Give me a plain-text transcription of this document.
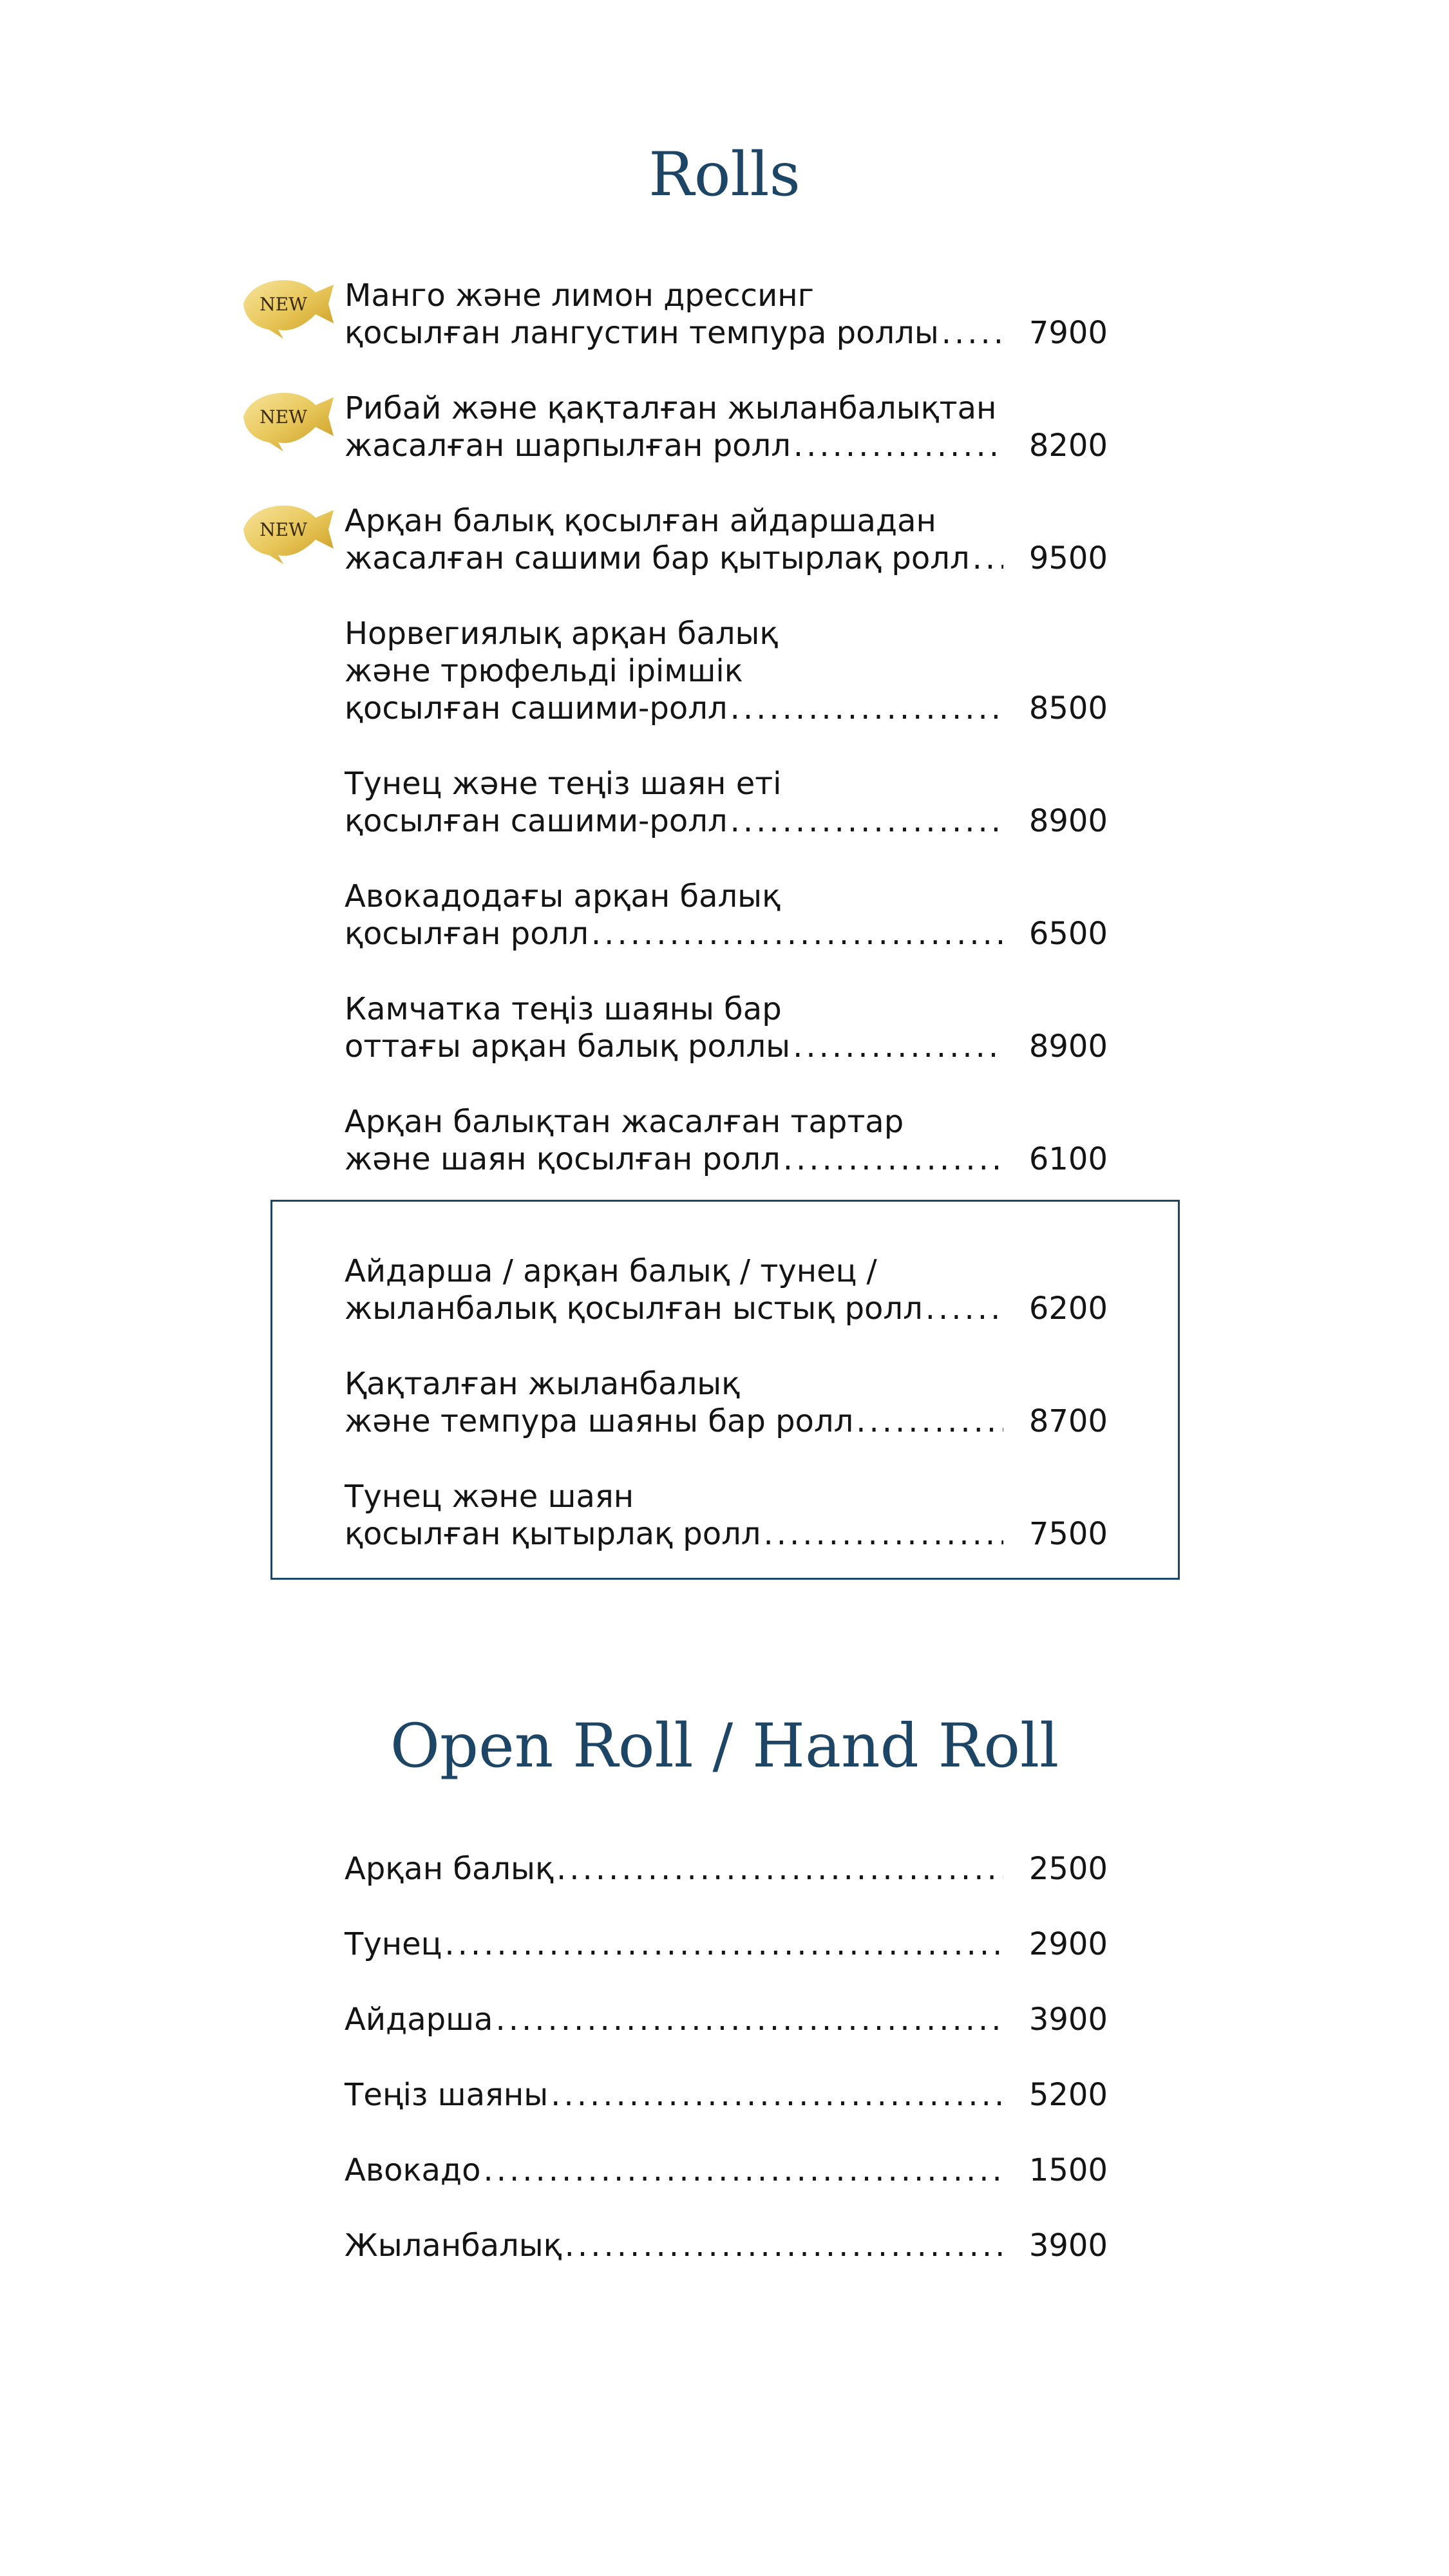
Rolls
Open Roll / Hand Roll
Манго және лимон дрессинг
қосылған лангустин темпура роллы .....	7900
NEW
Рибай және қақталған жыланбалықтан
жасалған шарпылған ролл .....	8200
NEW
Арқан балық қосылған айдаршадан
жасалған сашими бар қытырлақ ролл .....	9500
NEW
Норвегиялық арқан балық
және трюфельді ірімшік
қосылған сашими-ролл .....	8500
Тунец және теңіз шаян еті
қосылған сашими-ролл .....	8900
Авокадодағы арқан балық
қосылған ролл .....	6500
Камчатка теңіз шаяны бар
оттағы арқан балық роллы .....	8900
Арқан балықтан жасалған тартар
және шаян қосылған ролл .....	6100
Айдарша / арқан балық / тунец /
жыланбалық қосылған ыстық ролл .....	6200
Қақталған жыланбалық
және темпура шаяны бар ролл .....	8700
Тунец және шаян
қосылған қытырлақ ролл .....	7500
Арқан балық .....	2500
Тунец .....	2900
Айдарша .....	3900
Теңіз шаяны .....	5200
Авокадо .....	1500
Жыланбалық .....	3900
